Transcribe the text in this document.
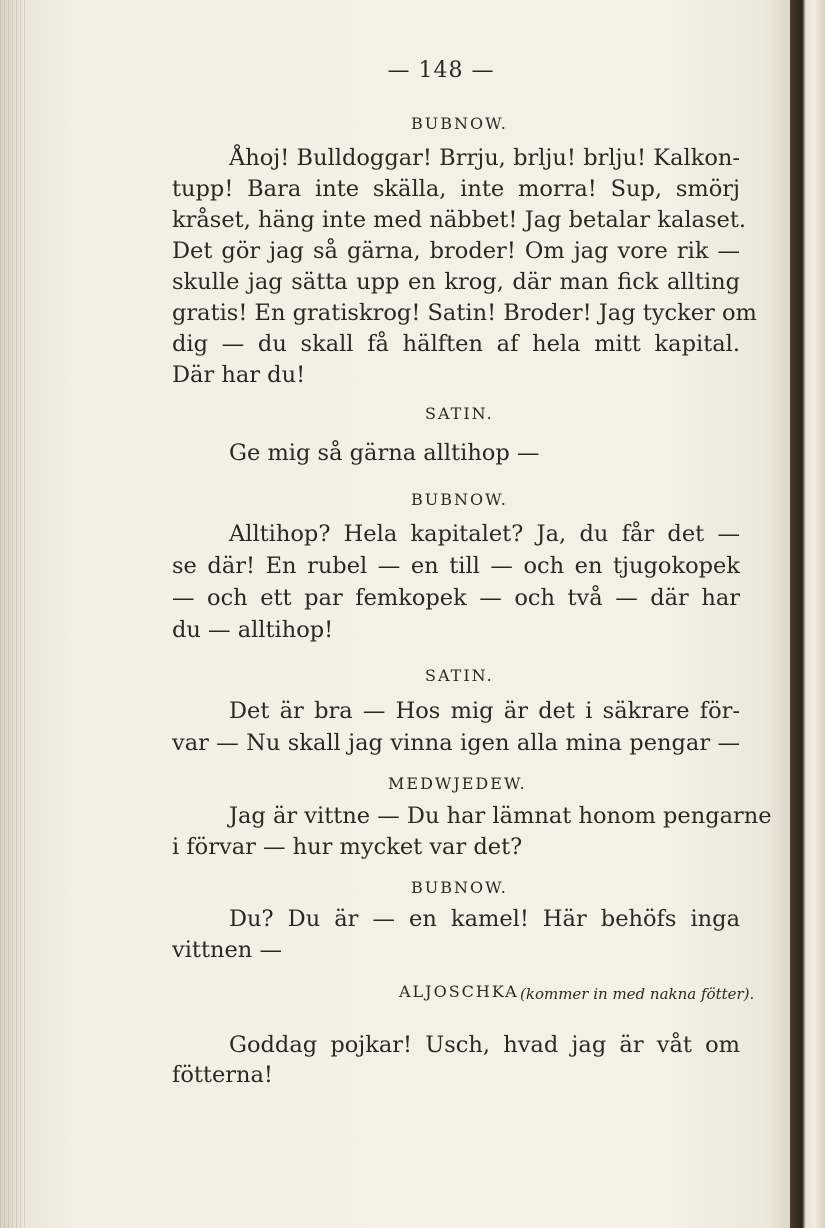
— 148 —
BUBNOW.
Åhoj! Bulldoggar! Brrju, brlju! brlju! Kalkon-
tupp! Bara inte skälla, inte morra! Sup, smörj
kråset, häng inte med näbbet! Jag betalar kalaset.
Det gör jag så gärna, broder! Om jag vore rik —
skulle jag sätta upp en krog, där man fick allting
gratis! En gratiskrog! Satin! Broder! Jag tycker om
dig — du skall få hälften af hela mitt kapital.
Där har du!
SATIN.
Ge mig så gärna alltihop —
BUBNOW.
Alltihop? Hela kapitalet? Ja, du får det —
se där! En rubel — en till — och en tjugokopek
— och ett par femkopek — och två — där har
du — alltihop!
SATIN.
Det är bra — Hos mig är det i säkrare för-
var — Nu skall jag vinna igen alla mina pengar —
MEDWJEDEW.
Jag är vittne — Du har lämnat honom pengarne
i förvar — hur mycket var det?
BUBNOW.
Du? Du är — en kamel! Här behöfs inga
vittnen —
ALJOSCHKA (kommer in med nakna fötter).
Goddag pojkar! Usch, hvad jag är våt om
fötterna!
